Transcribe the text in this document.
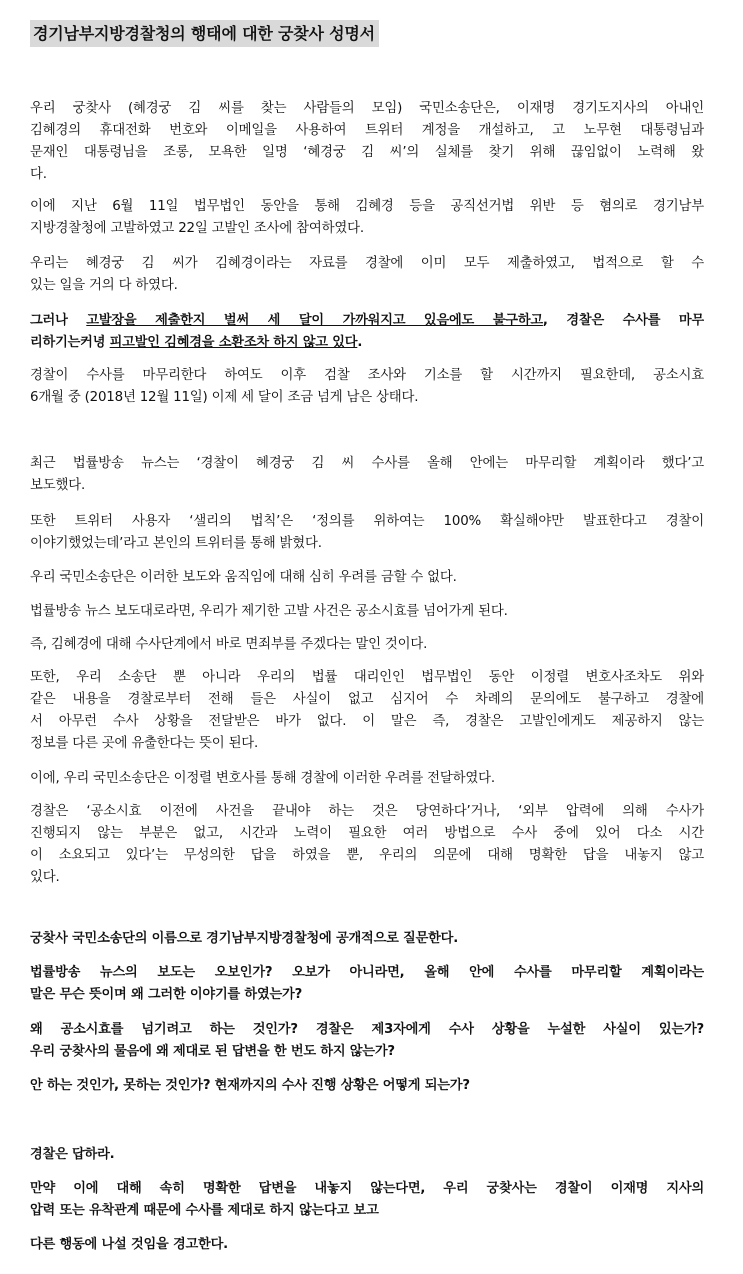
경기남부지방경찰청의 행태에 대한 궁찾사 성명서
우리 궁찾사 (혜경궁 김 씨를 찾는 사람들의 모임) 국민소송단은, 이재명 경기도지사의 아내인
김혜경의 휴대전화 번호와 이메일을 사용하여 트위터 계정을 개설하고, 고 노무현 대통령님과
문재인 대통령님을 조롱, 모욕한 일명 ‘혜경궁 김 씨’의 실체를 찾기 위해 끊임없이 노력해 왔
다.
이에 지난 6월 11일 법무법인 동안을 통해 김혜경 등을 공직선거법 위반 등 혐의로 경기남부
지방경찰청에 고발하였고 22일 고발인 조사에 참여하였다.
우리는 혜경궁 김 씨가 김혜경이라는 자료를 경찰에 이미 모두 제출하였고, 법적으로 할 수
있는 일을 거의 다 하였다.
그러나 고발장을 제출한지 벌써 세 달이 가까워지고 있음에도 불구하고, 경찰은 수사를 마무
리하기는커녕 피고발인 김혜경을 소환조차 하지 않고 있다.
경찰이 수사를 마무리한다 하여도 이후 검찰 조사와 기소를 할 시간까지 필요한데, 공소시효
6개월 중 (2018년 12월 11일) 이제 세 달이 조금 넘게 남은 상태다.
최근 법률방송 뉴스는 ‘경찰이 혜경궁 김 씨 수사를 올해 안에는 마무리할 계획이라 했다’고
보도했다.
또한 트위터 사용자 ‘샐리의 법칙’은 ‘정의를 위하여는 100% 확실해야만 발표한다고 경찰이
이야기했었는데’라고 본인의 트위터를 통해 밝혔다.
우리 국민소송단은 이러한 보도와 움직임에 대해 심히 우려를 금할 수 없다.
법률방송 뉴스 보도대로라면, 우리가 제기한 고발 사건은 공소시효를 넘어가게 된다.
즉, 김혜경에 대해 수사단계에서 바로 면죄부를 주겠다는 말인 것이다.
또한, 우리 소송단 뿐 아니라 우리의 법률 대리인인 법무법인 동안 이정렬 변호사조차도 위와
같은 내용을 경찰로부터 전해 들은 사실이 없고 심지어 수 차례의 문의에도 불구하고 경찰에
서 아무런 수사 상황을 전달받은 바가 없다. 이 말은 즉, 경찰은 고발인에게도 제공하지 않는
정보를 다른 곳에 유출한다는 뜻이 된다.
이에, 우리 국민소송단은 이정렬 변호사를 통해 경찰에 이러한 우려를 전달하였다.
경찰은 ‘공소시효 이전에 사건을 끝내야 하는 것은 당연하다’거나, ‘외부 압력에 의해 수사가
진행되지 않는 부분은 없고, 시간과 노력이 필요한 여러 방법으로 수사 중에 있어 다소 시간
이 소요되고 있다’는 무성의한 답을 하였을 뿐, 우리의 의문에 대해 명확한 답을 내놓지 않고
있다.
궁찾사 국민소송단의 이름으로 경기남부지방경찰청에 공개적으로 질문한다.
법률방송 뉴스의 보도는 오보인가? 오보가 아니라면, 올해 안에 수사를 마무리할 계획이라는
말은 무슨 뜻이며 왜 그러한 이야기를 하였는가?
왜 공소시효를 넘기려고 하는 것인가? 경찰은 제3자에게 수사 상황을 누설한 사실이 있는가?
우리 궁찾사의 물음에 왜 제대로 된 답변을 한 번도 하지 않는가?
안 하는 것인가, 못하는 것인가? 현재까지의 수사 진행 상황은 어떻게 되는가?
경찰은 답하라.
만약 이에 대해 속히 명확한 답변을 내놓지 않는다면, 우리 궁찾사는 경찰이 이재명 지사의
압력 또는 유착관계 때문에 수사를 제대로 하지 않는다고 보고
다른 행동에 나설 것임을 경고한다.
